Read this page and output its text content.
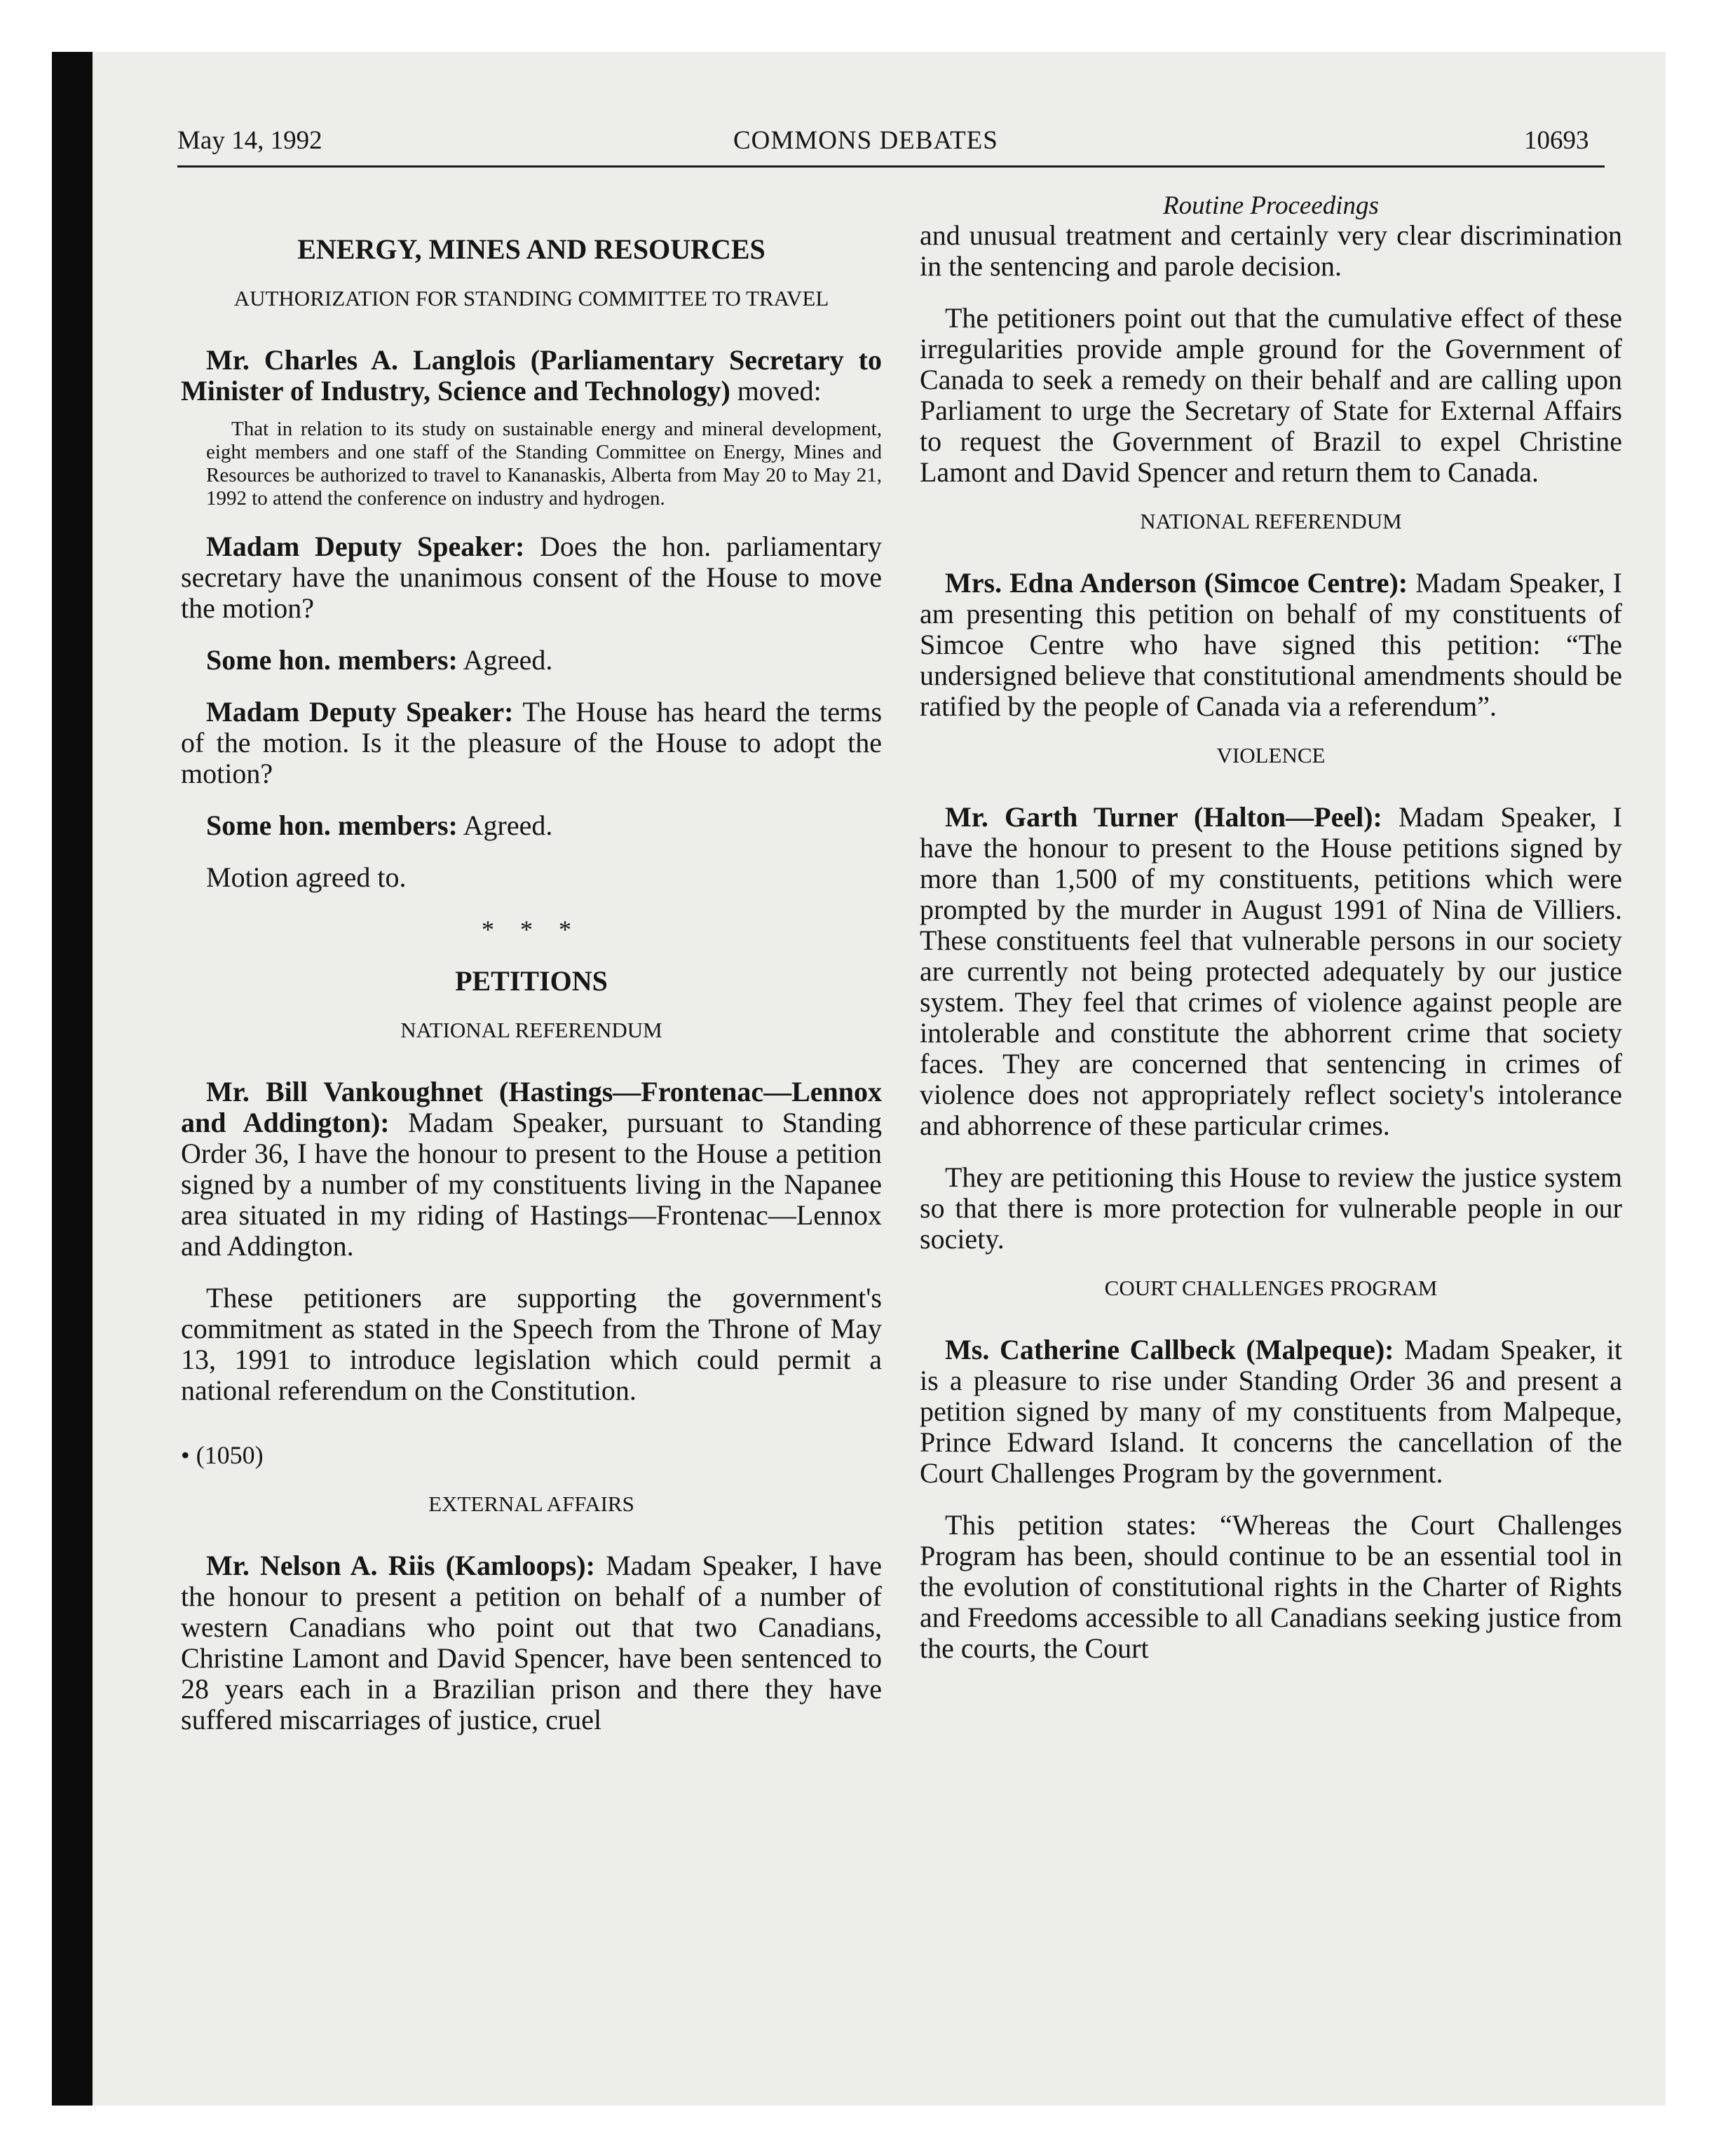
May 14, 1992	COMMONS DEBATES	10693

ENERGY, MINES AND RESOURCES

AUTHORIZATION FOR STANDING COMMITTEE TO TRAVEL

Mr. Charles A. Langlois (Parliamentary Secretary to Minister of Industry, Science and Technology) moved:

That in relation to its study on sustainable energy and mineral development, eight members and one staff of the Standing Committee on Energy, Mines and Resources be authorized to travel to Kananaskis, Alberta from May 20 to May 21, 1992 to attend the conference on industry and hydrogen.

Madam Deputy Speaker: Does the hon. parliamentary secretary have the unanimous consent of the House to move the motion?

Some hon. members: Agreed.

Madam Deputy Speaker: The House has heard the terms of the motion. Is it the pleasure of the House to adopt the motion?

Some hon. members: Agreed.

Motion agreed to.

* * *

PETITIONS

NATIONAL REFERENDUM

Mr. Bill Vankoughnet (Hastings—Frontenac—Lennox and Addington): Madam Speaker, pursuant to Standing Order 36, I have the honour to present to the House a petition signed by a number of my constituents living in the Napanee area situated in my riding of Hastings—Frontenac—Lennox and Addington.

These petitioners are supporting the government's commitment as stated in the Speech from the Throne of May 13, 1991 to introduce legislation which could permit a national referendum on the Constitution.

• (1050)

EXTERNAL AFFAIRS

Mr. Nelson A. Riis (Kamloops): Madam Speaker, I have the honour to present a petition on behalf of a number of western Canadians who point out that two Canadians, Christine Lamont and David Spencer, have been sentenced to 28 years each in a Brazilian prison and there they have suffered miscarriages of justice, cruel

Routine Proceedings

and unusual treatment and certainly very clear discrimination in the sentencing and parole decision.

The petitioners point out that the cumulative effect of these irregularities provide ample ground for the Government of Canada to seek a remedy on their behalf and are calling upon Parliament to urge the Secretary of State for External Affairs to request the Government of Brazil to expel Christine Lamont and David Spencer and return them to Canada.

NATIONAL REFERENDUM

Mrs. Edna Anderson (Simcoe Centre): Madam Speaker, I am presenting this petition on behalf of my constituents of Simcoe Centre who have signed this petition: “The undersigned believe that constitutional amendments should be ratified by the people of Canada via a referendum”.

VIOLENCE

Mr. Garth Turner (Halton—Peel): Madam Speaker, I have the honour to present to the House petitions signed by more than 1,500 of my constituents, petitions which were prompted by the murder in August 1991 of Nina de Villiers. These constituents feel that vulnerable persons in our society are currently not being protected adequately by our justice system. They feel that crimes of violence against people are intolerable and constitute the abhorrent crime that society faces. They are concerned that sentencing in crimes of violence does not appropriately reflect society's intolerance and abhorrence of these particular crimes.

They are petitioning this House to review the justice system so that there is more protection for vulnerable people in our society.

COURT CHALLENGES PROGRAM

Ms. Catherine Callbeck (Malpeque): Madam Speaker, it is a pleasure to rise under Standing Order 36 and present a petition signed by many of my constituents from Malpeque, Prince Edward Island. It concerns the cancellation of the Court Challenges Program by the government.

This petition states: “Whereas the Court Challenges Program has been, should continue to be an essential tool in the evolution of constitutional rights in the Charter of Rights and Freedoms accessible to all Canadians seeking justice from the courts, the Court
